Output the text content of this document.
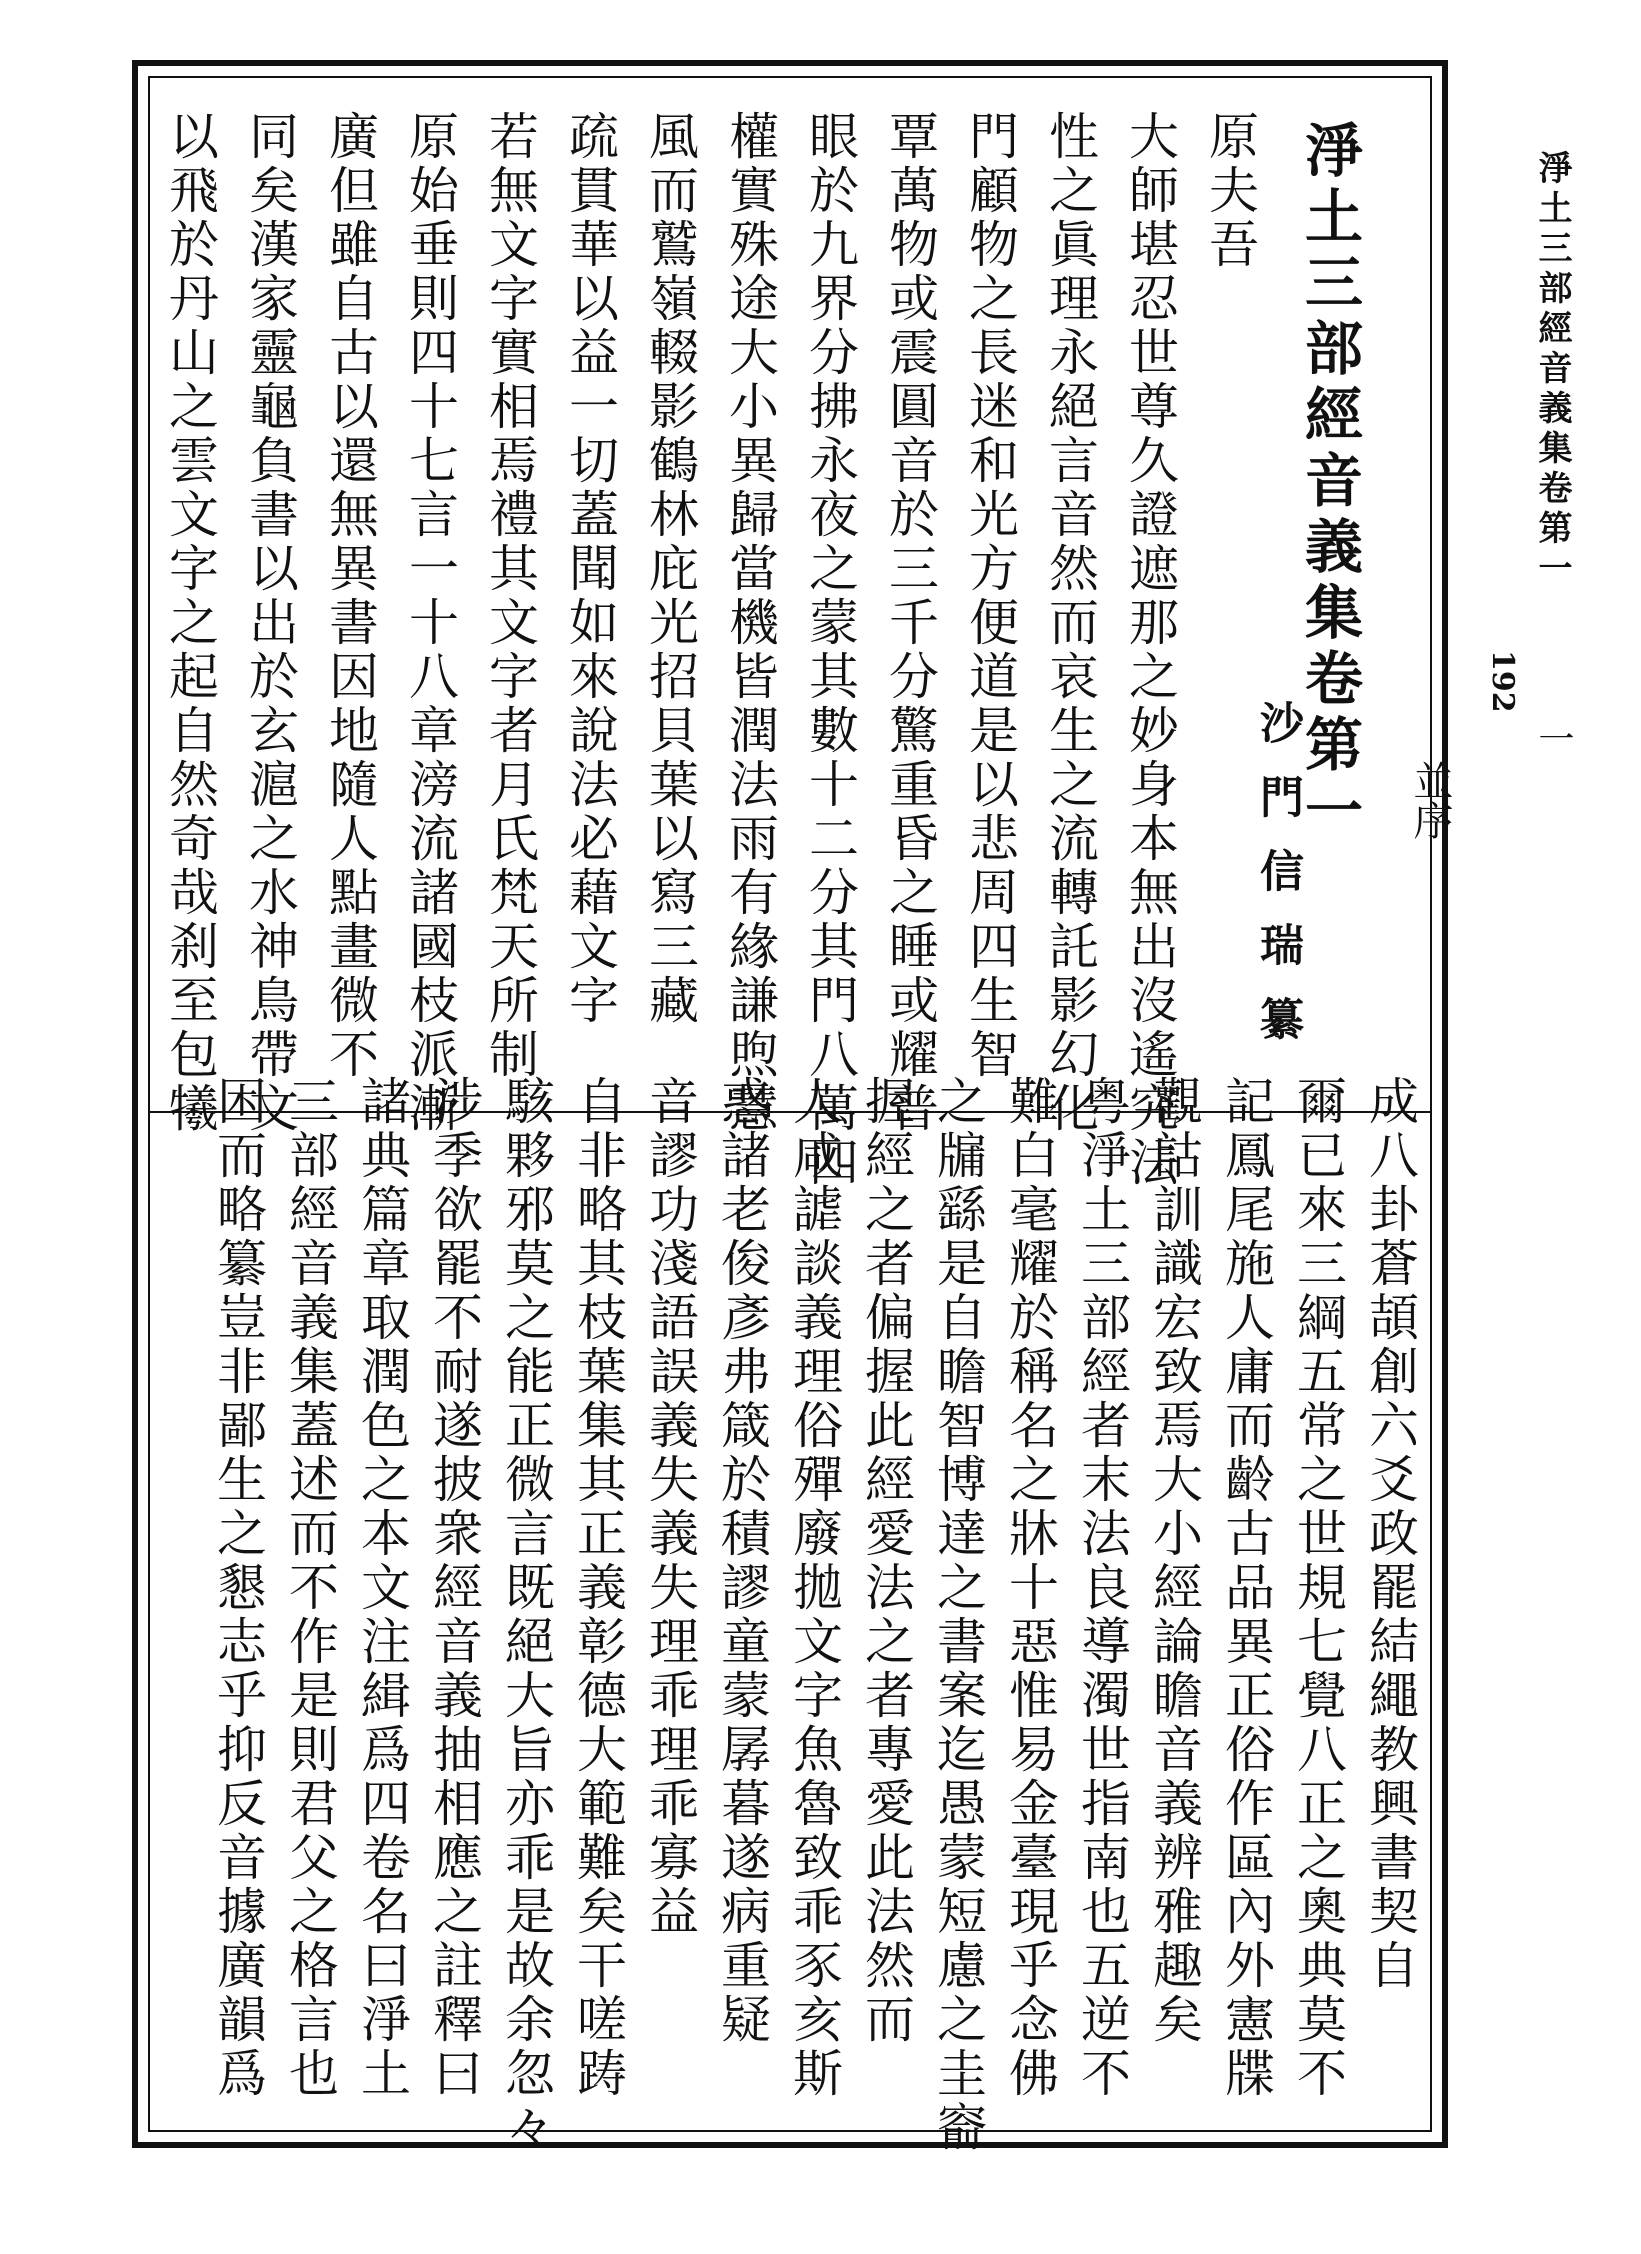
淨土三部經音義集卷第一 並序
沙門信瑞纂
原夫吾
大師堪忍世尊久證遮那之妙身本無出沒遙究法
性之眞理永絕言音然而哀生之流轉託影幻化
門顧物之長迷和光方便道是以悲周四生智
覃萬物或震圓音於三千分驚重昏之睡或耀普
眼於九界分拂永夜之蒙其數十二分其門八萬四
權實殊途大小異歸當機皆潤法雨有緣謙煦慧
風而鷲嶺輟影鶴林庇光招貝葉以寫三藏
疏貫華以益一切蓋聞如來說法必藉文字
若無文字實相焉禮其文字者月氏梵天所制
原始垂則四十七言一十八章滂流諸國枝派漸
廣但雖自古以還無異書因地隨人點畫微不
同矣漢家靈龜負書以出於玄滬之水神鳥帶文
以飛於丹山之雲文字之起自然奇哉刹至包犧
成八卦蒼頡創六爻政罷結繩教興書契自
爾已來三綱五常之世規七覺八正之奧典莫不
記鳳尾施人庸而齡古品異正俗作區內外憲牒
觀詁訓識宏致焉大小經論瞻音義辨雅趣矣
粤淨土三部經者末法良導濁世指南也五逆不
難白毫耀於稱名之牀十惡惟易金臺現乎念佛
之牖繇是自瞻智博達之書案迄愚蒙短慮之圭窬
握經之者偏握此經愛法之者專愛此法然而
人咸謔談義理俗殫廢拋文字魚魯致乖豕亥斯
惑諸老俊彥弗箴於積謬童蒙孱暮遂病重疑
音謬功淺語誤義失義失理乖理乖寡益
自非略其枝葉集其正義彰德大範難矣干嗟踌
駭夥邪莫之能正微言既絕大旨亦乖是故余忽々
涉季欲罷不耐遂披衆經音義抽相應之註釋曰
諸典篇章取潤色之本文注緝爲四卷名曰淨土
三部經音義集蓋述而不作是則君父之格言也
困而略纂豈非鄙生之懇志乎抑反音據廣韻爲
淨土三部經音義集卷第一
192
一
